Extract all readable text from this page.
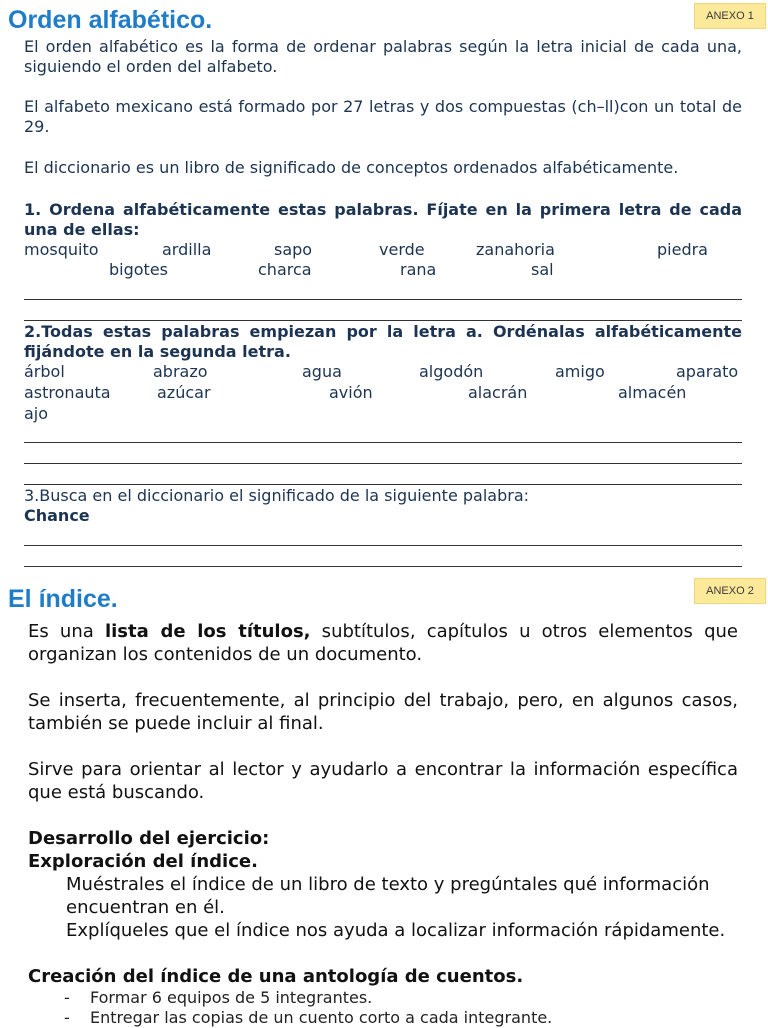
ANEXO 1
Orden alfabético.

El orden alfabético es la forma de ordenar palabras según la letra inicial de cada una, siguiendo el orden del alfabeto.

El alfabeto mexicano está formado por 27 letras y dos compuestas (ch–ll)con un total de 29.

El diccionario es un libro de significado de conceptos ordenados alfabéticamente.

1. Ordena alfabéticamente estas palabras. Fíjate en la primera letra de cada una de ellas:

mosquito	ardilla	sapo	verde	zanahoria	piedra
bigotes	charca	rana	sal

2.Todas estas palabras empiezan por la letra a. Ordénalas alfabéticamente fijándote en la segunda letra.

árbol	abrazo	agua	algodón	amigo	aparato
astronauta	azúcar	avión	alacrán	almacén
ajo

3.Busca en el diccionario el significado de la siguiente palabra:

Chance

ANEXO 2
El índice.

Es una lista de los títulos, subtítulos, capítulos u otros elementos que organizan los contenidos de un documento.

Se inserta, frecuentemente, al principio del trabajo, pero, en algunos casos, también se puede incluir al final.

Sirve para orientar al lector y ayudarlo a encontrar la información específica que está buscando.

Desarrollo del ejercicio:

Exploración del índice.

Muéstrales el índice de un libro de texto y pregúntales qué información encuentran en él.

Explíqueles que el índice nos ayuda a localizar información rápidamente.

Creación del índice de una antología de cuentos.

- Formar 6 equipos de 5 integrantes.
- Entregar las copias de un cuento corto a cada integrante.
